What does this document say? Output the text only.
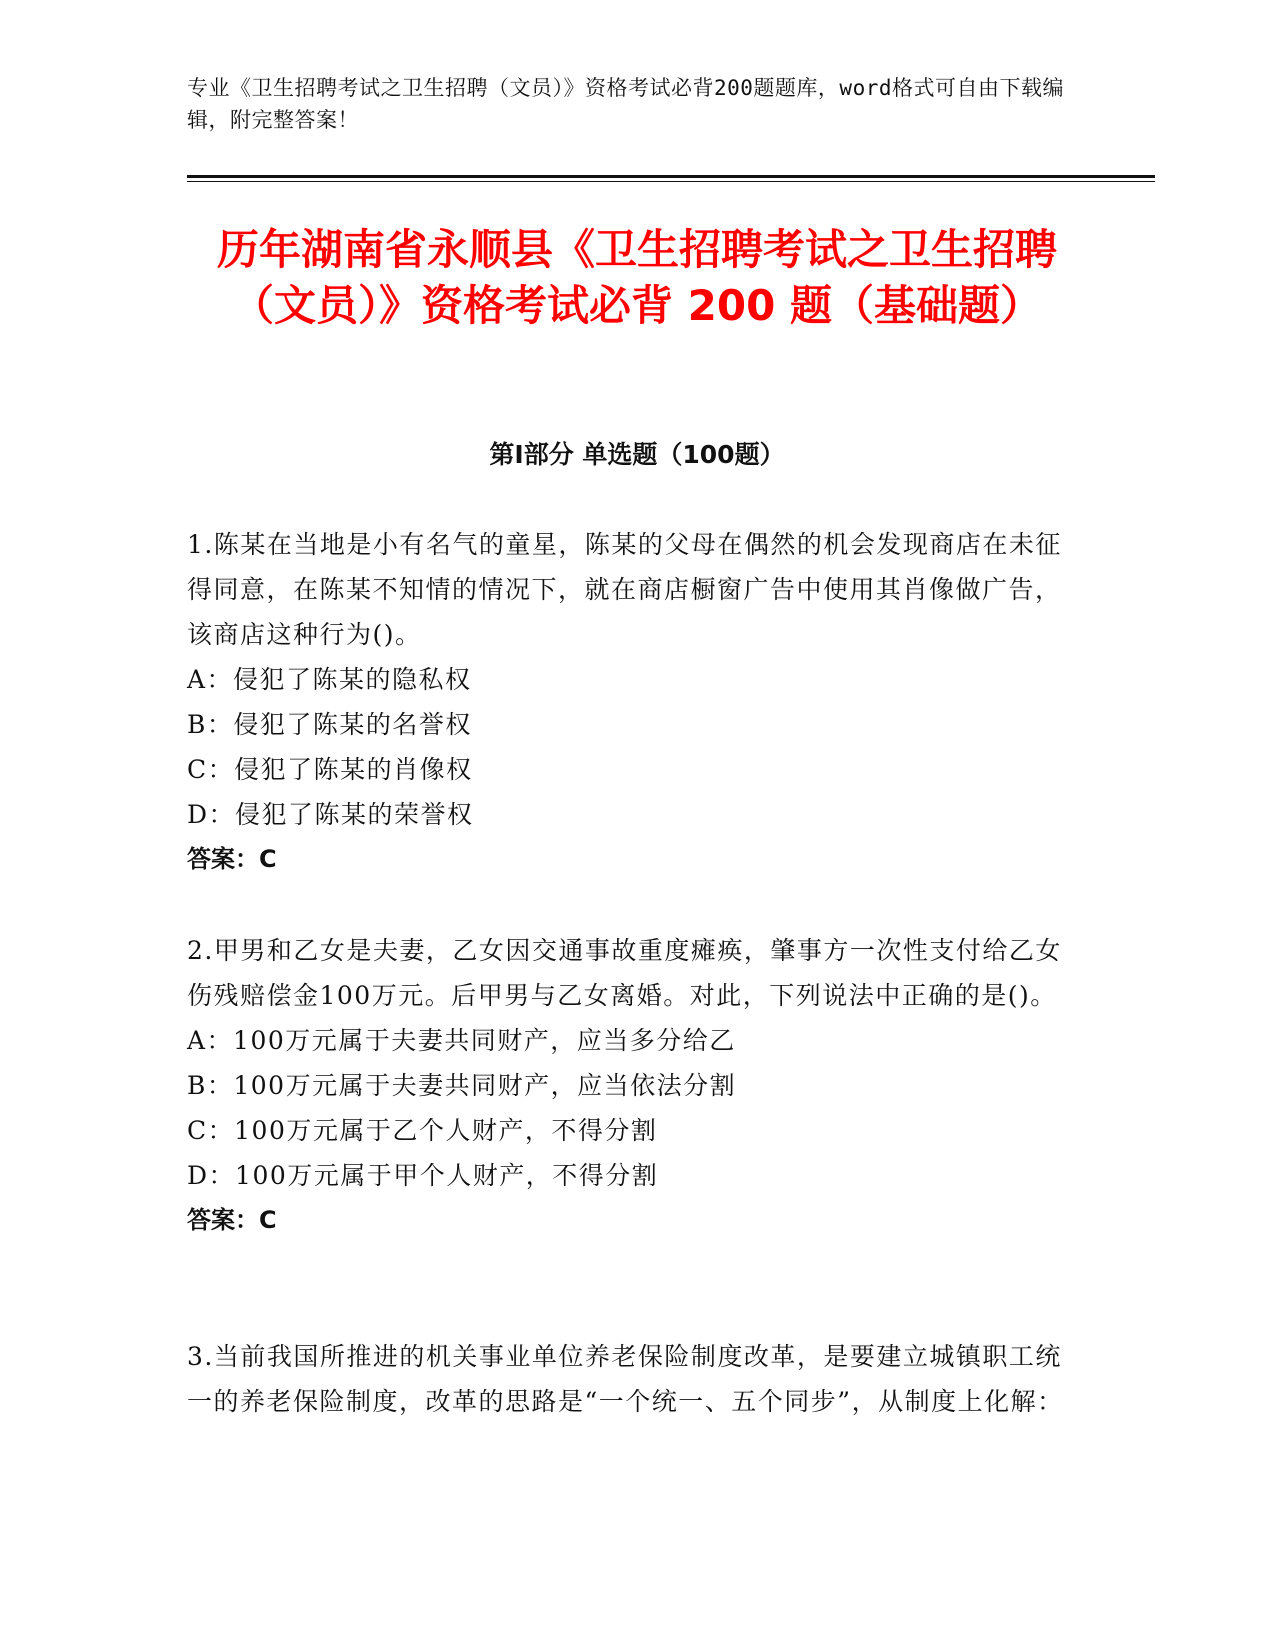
专业《卫生招聘考试之卫生招聘（文员）》资格考试必背200题题库，word格式可自由下载编辑，附完整答案！
历年湖南省永顺县《卫生招聘考试之卫生招聘（文员）》资格考试必背 200 题（基础题）
第I部分 单选题（100题）
1.陈某在当地是小有名气的童星，陈某的父母在偶然的机会发现商店在未征得同意，在陈某不知情的情况下，就在商店橱窗广告中使用其肖像做广告，该商店这种行为()。
A：侵犯了陈某的隐私权
B：侵犯了陈某的名誉权
C：侵犯了陈某的肖像权
D：侵犯了陈某的荣誉权
答案：C
2.甲男和乙女是夫妻，乙女因交通事故重度瘫痪，肇事方一次性支付给乙女伤残赔偿金100万元。后甲男与乙女离婚。对此，下列说法中正确的是()。
A：100万元属于夫妻共同财产，应当多分给乙
B：100万元属于夫妻共同财产，应当依法分割
C：100万元属于乙个人财产，不得分割
D：100万元属于甲个人财产，不得分割
答案：C
3.当前我国所推进的机关事业单位养老保险制度改革，是要建立城镇职工统一的养老保险制度，改革的思路是“一个统一、五个同步”，从制度上化解：
